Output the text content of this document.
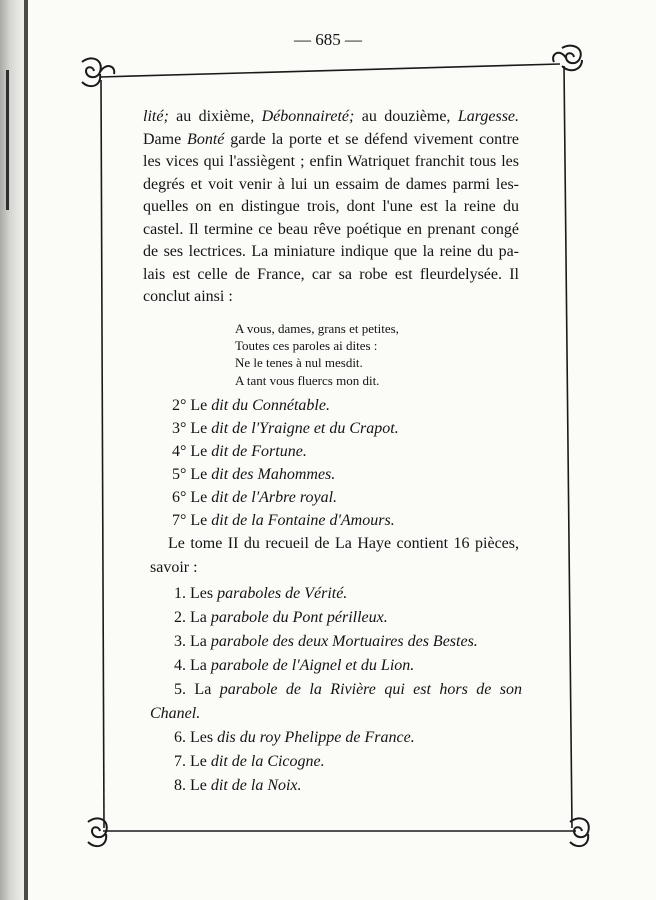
— 685 —
lité; au dixième, Débonnaireté; au douzième, Largesse.
Dame Bonté garde la porte et se défend vivement contre
les vices qui l'assiègent ; enfin Watriquet franchit tous les
degrés et voit venir à lui un essaim de dames parmi les-
quelles on en distingue trois, dont l'une est la reine du
castel. Il termine ce beau rêve poétique en prenant congé
de ses lectrices. La miniature indique que la reine du pa-
lais est celle de France, car sa robe est fleurdelysée. Il
conclut ainsi :
A vous, dames, grans et petites,
Toutes ces paroles ai dites :
Ne le tenes à nul mesdit.
A tant vous fluercs mon dit.
2° Le dit du Connétable.
3° Le dit de l'Yraigne et du Crapot.
4° Le dit de Fortune.
5° Le dit des Mahommes.
6° Le dit de l'Arbre royal.
7° Le dit de la Fontaine d'Amours.
Le tome II du recueil de La Haye contient 16 pièces,
savoir :
1. Les paraboles de Vérité.
2. La parabole du Pont périlleux.
3. La parabole des deux Mortuaires des Bestes.
4. La parabole de l'Aignel et du Lion.
5. La parabole de la Rivière qui est hors de son
Chanel.
6. Les dis du roy Phelippe de France.
7. Le dit de la Cicogne.
8. Le dit de la Noix.
